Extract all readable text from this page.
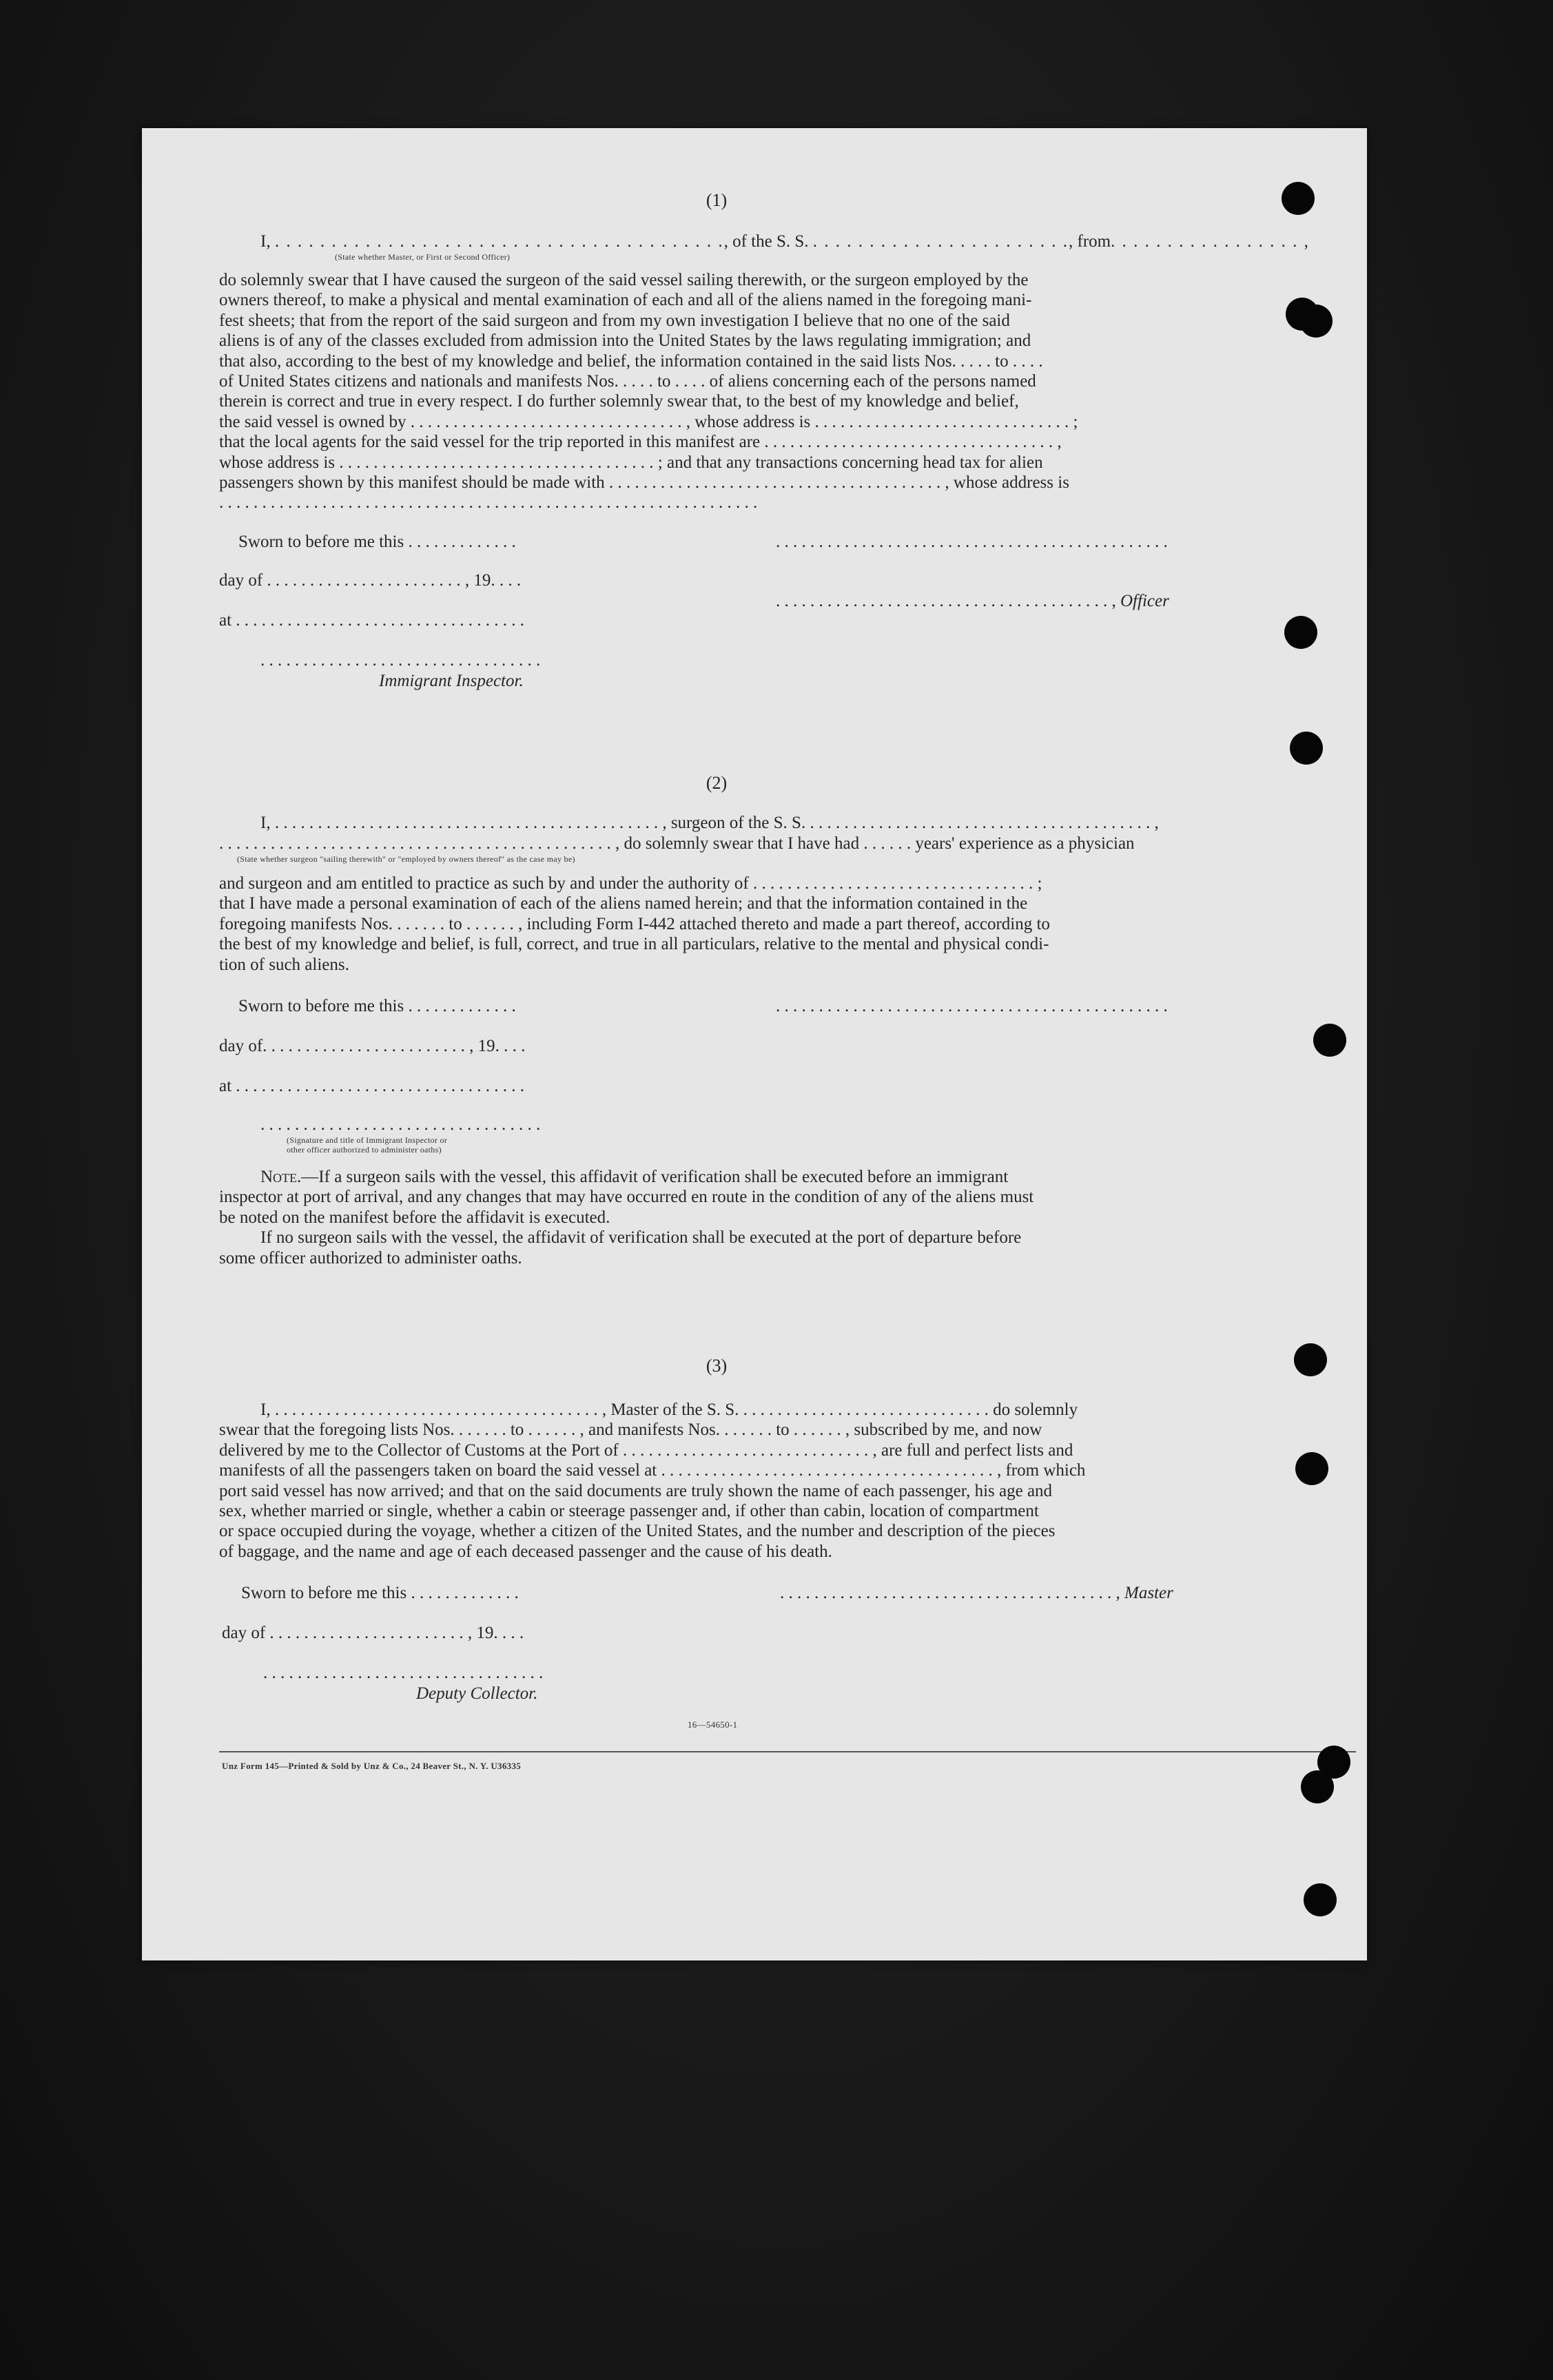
(1)
I, . . . . . . . . . . . . . . . . . . . . . . . . . . . . . . . . . . . . . . . ., of the S. S. . . . . . . . . . . . . . . . . . . . . . . ., from. . . . . . . . . . . . . . . . . ,
(State whether Master, or First or Second Officer)

do solemnly swear that I have caused the surgeon of the said vessel sailing therewith, or the surgeon employed by the

owners thereof, to make a physical and mental examination of each and all of the aliens named in the foregoing mani-

fest sheets; that from the report of the said surgeon and from my own investigation I believe that no one of the said

aliens is of any of the classes excluded from admission into the United States by the laws regulating immigration; and

that also, according to the best of my knowledge and belief, the information contained in the said lists Nos. . . . . to . . . .

of United States citizens and nationals and manifests Nos. . . . . to . . . . of aliens concerning each of the persons named

therein is correct and true in every respect. I do further solemnly swear that, to the best of my knowledge and belief,

the said vessel is owned by . . . . . . . . . . . . . . . . . . . . . . . . . . . . . . . . , whose address is . . . . . . . . . . . . . . . . . . . . . . . . . . . . . . ;

that the local agents for the said vessel for the trip reported in this manifest are . . . . . . . . . . . . . . . . . . . . . . . . . . . . . . . . . . ,

whose address is . . . . . . . . . . . . . . . . . . . . . . . . . . . . . . . . . . . . . ; and that any transactions concerning head tax for alien

passengers shown by this manifest should be made with . . . . . . . . . . . . . . . . . . . . . . . . . . . . . . . . . . . . . . . , whose address is

. . . . . . . . . . . . . . . . . . . . . . . . . . . . . . . . . . . . . . . . . . . . . . . . . . . . . . . . . . . . . . .

Sworn to before me this . . . . . . . . . . . . .	. . . . . . . . . . . . . . . . . . . . . . . . . . . . . . . . . . . . . . . . . . . . . .
day of . . . . . . . . . . . . . . . . . . . . . . . , 19. . . .
. . . . . . . . . . . . . . . . . . . . . . . . . . . . . . . . . . . . . . . , Officer
at . . . . . . . . . . . . . . . . . . . . . . . . . . . . . . . . . .
. . . . . . . . . . . . . . . . . . . . . . . . . . . . . . . . .
Immigrant Inspector.
(2)
I, . . . . . . . . . . . . . . . . . . . . . . . . . . . . . . . . . . . . . . . . . . . . . , surgeon of the S. S. . . . . . . . . . . . . . . . . . . . . . . . . . . . . . . . . . . . . . . . . ,
. . . . . . . . . . . . . . . . . . . . . . . . . . . . . . . . . . . . . . . . . . . . . . , do solemnly swear that I have had . . . . . . years' experience as a physician
(State whether surgeon "sailing therewith" or "employed by owners thereof" as the case may be)

and surgeon and am entitled to practice as such by and under the authority of . . . . . . . . . . . . . . . . . . . . . . . . . . . . . . . . . ;

that I have made a personal examination of each of the aliens named herein; and that the information contained in the

foregoing manifests Nos. . . . . . . to . . . . . . , including Form I-442 attached thereto and made a part thereof, according to

the best of my knowledge and belief, is full, correct, and true in all particulars, relative to the mental and physical condi-

tion of such aliens.

Sworn to before me this . . . . . . . . . . . . .	. . . . . . . . . . . . . . . . . . . . . . . . . . . . . . . . . . . . . . . . . . . . . .
day of. . . . . . . . . . . . . . . . . . . . . . . . , 19. . . .
at . . . . . . . . . . . . . . . . . . . . . . . . . . . . . . . . . .
. . . . . . . . . . . . . . . . . . . . . . . . . . . . . . . . .
(Signature and title of Immigrant Inspector or
other officer authorized to administer oaths)

Note.—If a surgeon sails with the vessel, this affidavit of verification shall be executed before an immigrant

inspector at port of arrival, and any changes that may have occurred en route in the condition of any of the aliens must

be noted on the manifest before the affidavit is executed.

If no surgeon sails with the vessel, the affidavit of verification shall be executed at the port of departure before

some officer authorized to administer oaths.

(3)

I, . . . . . . . . . . . . . . . . . . . . . . . . . . . . . . . . . . . . . . , Master of the S. S. . . . . . . . . . . . . . . . . . . . . . . . . . . . . . do solemnly

swear that the foregoing lists Nos. . . . . . . to . . . . . . , and manifests Nos. . . . . . . to . . . . . . , subscribed by me, and now

delivered by me to the Collector of Customs at the Port of . . . . . . . . . . . . . . . . . . . . . . . . . . . . . , are full and perfect lists and

manifests of all the passengers taken on board the said vessel at . . . . . . . . . . . . . . . . . . . . . . . . . . . . . . . . . . . . . . . , from which

port said vessel has now arrived; and that on the said documents are truly shown the name of each passenger, his age and

sex, whether married or single, whether a cabin or steerage passenger and, if other than cabin, location of compartment

or space occupied during the voyage, whether a citizen of the United States, and the number and description of the pieces

of baggage, and the name and age of each deceased passenger and the cause of his death.

Sworn to before me this . . . . . . . . . . . . .	. . . . . . . . . . . . . . . . . . . . . . . . . . . . . . . . . . . . . . . , Master
day of . . . . . . . . . . . . . . . . . . . . . . . , 19. . . .
. . . . . . . . . . . . . . . . . . . . . . . . . . . . . . . . .
Deputy Collector.
16—54650-1
Unz Form 145—Printed & Sold by Unz & Co., 24 Beaver St., N. Y. U36335
